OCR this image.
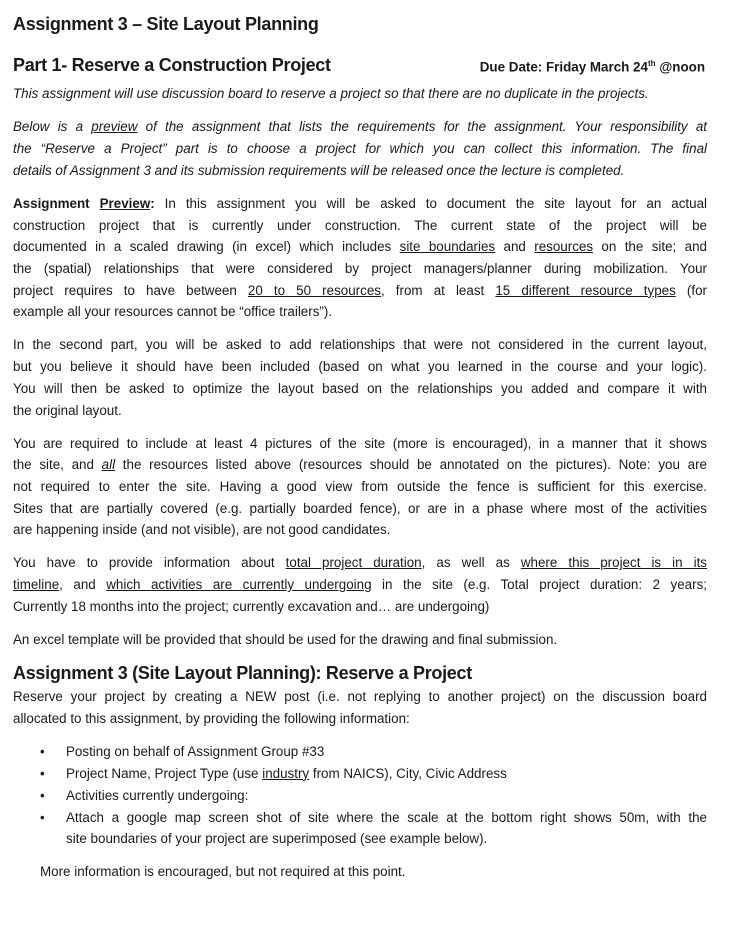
Assignment 3 – Site Layout Planning
Part 1- Reserve a Construction Project	Due Date: Friday March 24th @noon
This assignment will use discussion board to reserve a project so that there are no duplicate in the projects.
Below is a preview of the assignment that lists the requirements for the assignment. Your responsibility at
the “Reserve a Project” part is to choose a project for which you can collect this information. The final
details of Assignment 3 and its submission requirements will be released once the lecture is completed.
Assignment Preview: In this assignment you will be asked to document the site layout for an actual
construction project that is currently under construction. The current state of the project will be
documented in a scaled drawing (in excel) which includes site boundaries and resources on the site; and
the (spatial) relationships that were considered by project managers/planner during mobilization. Your
project requires to have between 20 to 50 resources, from at least 15 different resource types (for
example all your resources cannot be “office trailers”).
In the second part, you will be asked to add relationships that were not considered in the current layout,
but you believe it should have been included (based on what you learned in the course and your logic).
You will then be asked to optimize the layout based on the relationships you added and compare it with
the original layout.
You are required to include at least 4 pictures of the site (more is encouraged), in a manner that it shows
the site, and all the resources listed above (resources should be annotated on the pictures). Note: you are
not required to enter the site. Having a good view from outside the fence is sufficient for this exercise.
Sites that are partially covered (e.g. partially boarded fence), or are in a phase where most of the activities
are happening inside (and not visible), are not good candidates.
You have to provide information about total project duration, as well as where this project is in its
timeline, and which activities are currently undergoing in the site (e.g. Total project duration: 2 years;
Currently 18 months into the project; currently excavation and… are undergoing)
An excel template will be provided that should be used for the drawing and final submission.
Assignment 3 (Site Layout Planning): Reserve a Project
Reserve your project by creating a NEW post (i.e. not replying to another project) on the discussion board
allocated to this assignment, by providing the following information:
• Posting on behalf of Assignment Group #33
• Project Name, Project Type (use industry from NAICS), City, Civic Address
• Activities currently undergoing:
• Attach a google map screen shot of site where the scale at the bottom right shows 50m, with the
site boundaries of your project are superimposed (see example below).
More information is encouraged, but not required at this point.
